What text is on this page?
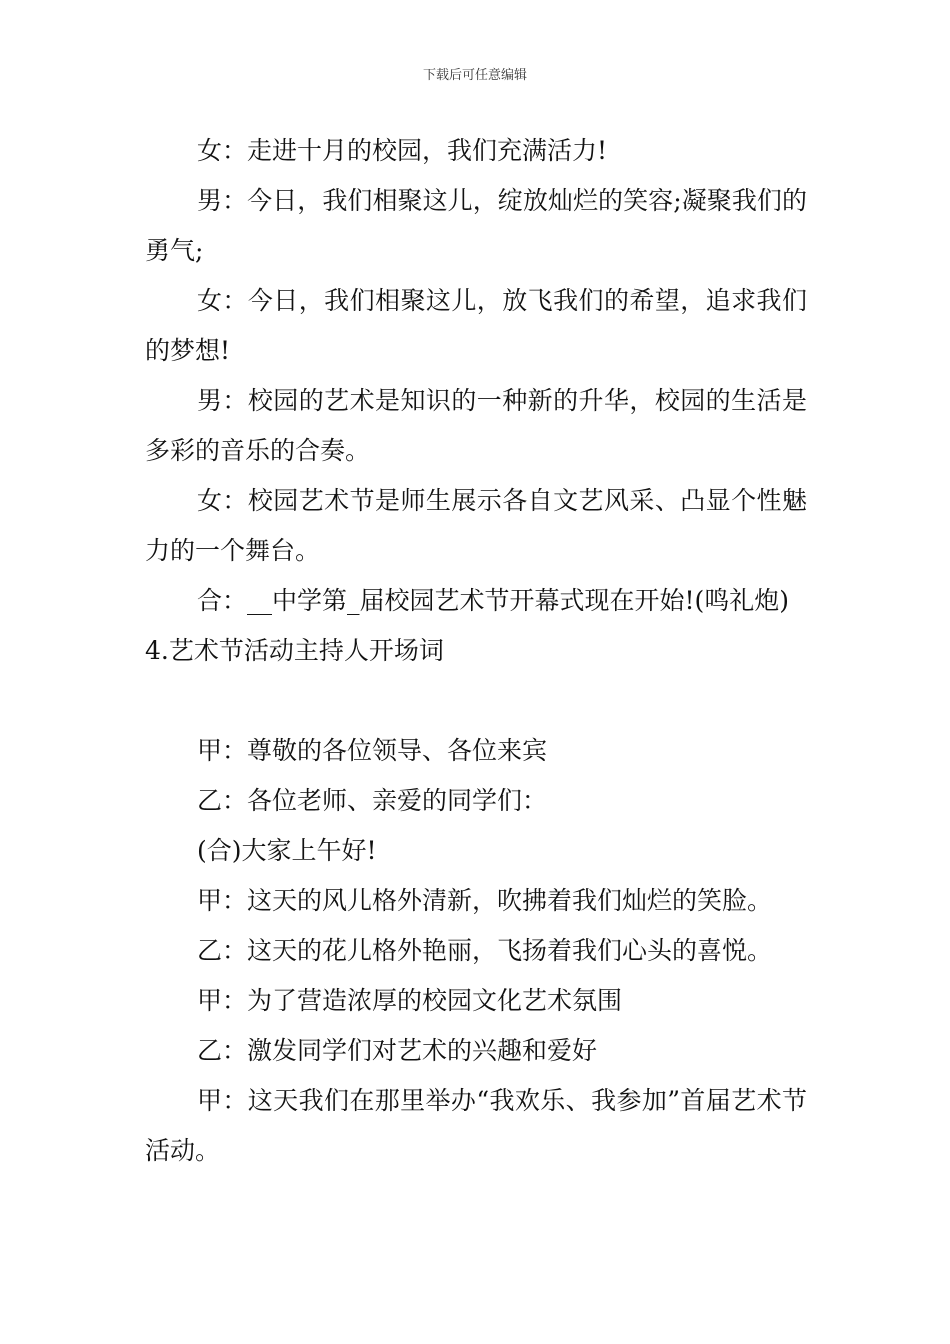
下载后可任意编辑

女：走进十月的校园，我们充满活力!

男：今日，我们相聚这儿，绽放灿烂的笑容;凝聚我们的勇气;

女：今日，我们相聚这儿，放飞我们的希望，追求我们的梦想!

男：校园的艺术是知识的一种新的升华，校园的生活是多彩的音乐的合奏。

女：校园艺术节是师生展示各自文艺风采、凸显个性魅力的一个舞台。

合：__中学第_届校园艺术节开幕式现在开始!(鸣礼炮)

4.艺术节活动主持人开场词

甲：尊敬的各位领导、各位来宾

乙：各位老师、亲爱的同学们：

(合)大家上午好!

甲：这天的风儿格外清新，吹拂着我们灿烂的笑脸。

乙：这天的花儿格外艳丽，飞扬着我们心头的喜悦。

甲：为了营造浓厚的校园文化艺术氛围

乙：激发同学们对艺术的兴趣和爱好

甲：这天我们在那里举办“我欢乐、我参加”首届艺术节活动。
